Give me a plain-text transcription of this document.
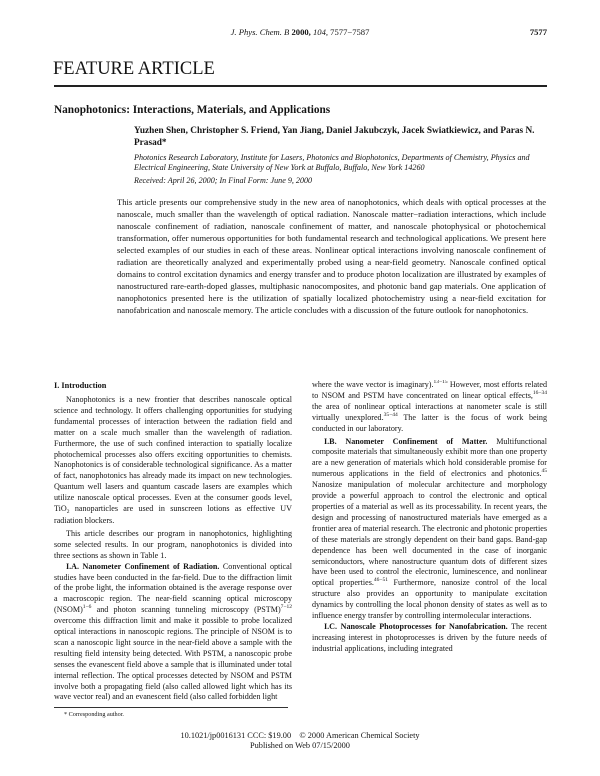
J. Phys. Chem. B 2000, 104, 7577−7587	7577
FEATURE ARTICLE
Nanophotonics: Interactions, Materials, and Applications
Yuzhen Shen, Christopher S. Friend, Yan Jiang, Daniel Jakubczyk, Jacek Swiatkiewicz, and Paras N. Prasad*
Photonics Research Laboratory, Institute for Lasers, Photonics and Biophotonics, Departments of Chemistry, Physics and Electrical Engineering, State University of New York at Buffalo, Buffalo, New York 14260
Received: April 26, 2000; In Final Form: June 9, 2000
This article presents our comprehensive study in the new area of nanophotonics, which deals with optical processes at the nanoscale, much smaller than the wavelength of optical radiation. Nanoscale matter−radiation interactions, which include nanoscale confinement of radiation, nanoscale confinement of matter, and nanoscale photophysical or photochemical transformation, offer numerous opportunities for both fundamental research and technological applications. We present here selected examples of our studies in each of these areas. Nonlinear optical interactions involving nanoscale confinement of radiation are theoretically analyzed and experimentally probed using a near-field geometry. Nanoscale confined optical domains to control excitation dynamics and energy transfer and to produce photon localization are illustrated by examples of nanostructured rare-earth-doped glasses, multiphasic nanocomposites, and photonic band gap materials. One application of nanophotonics presented here is the utilization of spatially localized photochemistry using a near-field excitation for nanofabrication and nanoscale memory. The article concludes with a discussion of the future outlook for nanophotonics.
I. Introduction

Nanophotonics is a new frontier that describes nanoscale optical science and technology. It offers challenging opportunities for studying fundamental processes of interaction between the radiation field and matter on a scale much smaller than the wavelength of radiation. Furthermore, the use of such confined interaction to spatially localize photochemical processes also offers exciting opportunities to chemists. Nanophotonics is of considerable technological significance. As a matter of fact, nanophotonics has already made its impact on new technologies. Quantum well lasers and quantum cascade lasers are examples which utilize nanoscale optical processes. Even at the consumer goods level, TiO$_2$ nanoparticles are used in sunscreen lotions as effective UV radiation blockers.

This article describes our program in nanophotonics, highlighting some selected results. In our program, nanophotonics is divided into three sections as shown in Table 1.

I.A. Nanometer Confinement of Radiation. Conventional optical studies have been conducted in the far-field. Due to the diffraction limit of the probe light, the information obtained is the average response over a macroscopic region. The near-field scanning optical microscopy (NSOM)$^{1-6}$ and photon scanning tunneling microscopy (PSTM)$^{7-12}$ overcome this diffraction limit and make it possible to probe localized optical interactions in nanoscopic regions. The principle of NSOM is to scan a nanoscopic light source in the near-field above a sample with the resulting field intensity being detected. With PSTM, a nanoscopic probe senses the evanescent field above a sample that is illuminated under total internal reflection. The optical processes detected by NSOM and PSTM involve both a propagating field (also called allowed light which has its wave vector real) and an evanescent field (also called forbidden light

where the wave vector is imaginary).$^{13-15}$ However, most efforts related to NSOM and PSTM have concentrated on linear optical effects,$^{16-34}$ the area of nonlinear optical interactions at nanometer scale is still virtually unexplored.$^{35-44}$ The latter is the focus of work being conducted in our laboratory.

I.B. Nanometer Confinement of Matter. Multifunctional composite materials that simultaneously exhibit more than one property are a new generation of materials which hold considerable promise for numerous applications in the field of electronics and photonics.$^{45}$ Nanosize manipulation of molecular architecture and morphology provide a powerful approach to control the electronic and optical properties of a material as well as its processability. In recent years, the design and processing of nanostructured materials have emerged as a frontier area of material research. The electronic and photonic properties of these materials are strongly dependent on their band gaps. Band-gap dependence has been well documented in the case of inorganic semiconductors, where nanostructure quantum dots of different sizes have been used to control the electronic, luminescence, and nonlinear optical properties.$^{46-51}$ Furthermore, nanosize control of the local structure also provides an opportunity to manipulate excitation dynamics by controlling the local phonon density of states as well as to influence energy transfer by controlling intermolecular interactions.

I.C. Nanoscale Photoprocesses for Nanofabrication. The recent increasing interest in photoprocesses is driven by the future needs of industrial applications, including integrated

* Corresponding author.
10.1021/jp0016131 CCC: $19.00    © 2000 American Chemical Society
Published on Web 07/15/2000
